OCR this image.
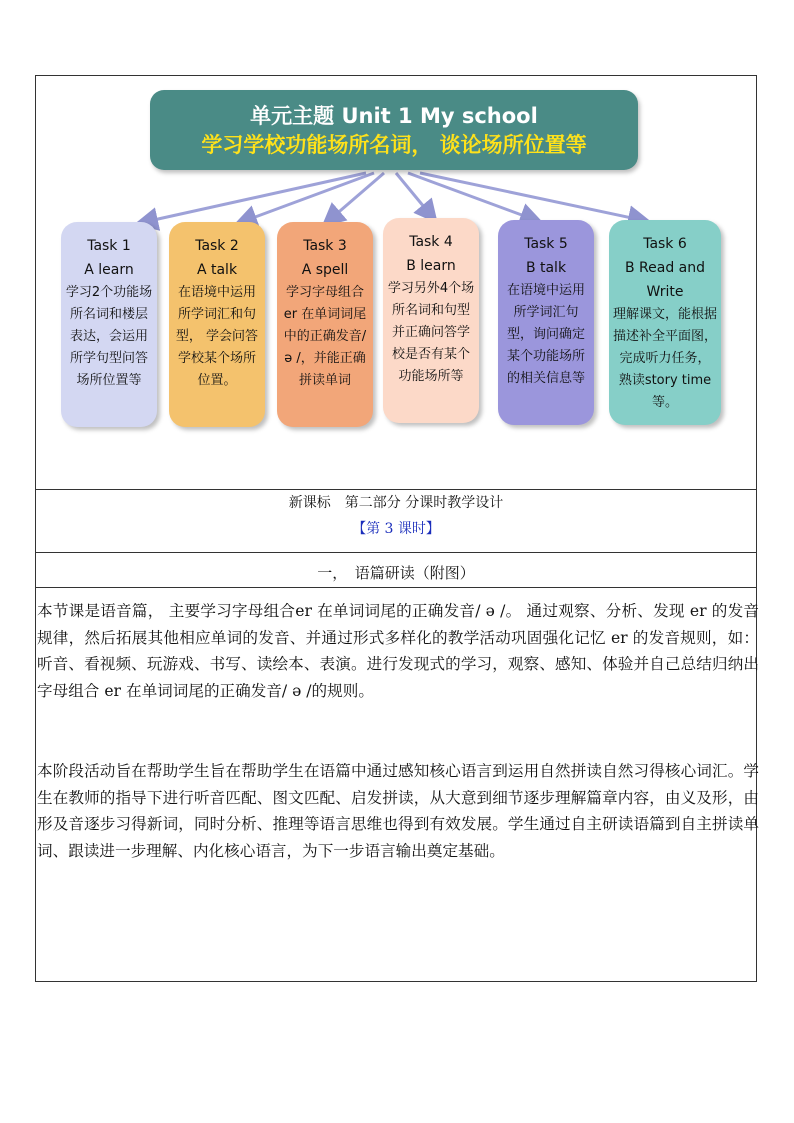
单元主题 Unit 1 My school
学习学校功能场所名词， 谈论场所位置等
Task 1
A learn
学习2个功能场所名词和楼层表达，会运用所学句型问答场所位置等
Task 2
A talk
在语境中运用所学词汇和句型， 学会问答学校某个场所位置。
Task 3
A spell
学习字母组合er 在单词词尾中的正确发音/ ə /，并能正确拼读单词
Task 4
B learn
学习另外4个场所名词和句型并正确问答学校是否有某个功能场所等
Task 5
B talk
在语境中运用所学词汇句型，询问确定某个功能场所的相关信息等
Task 6
B Read and Write
理解课文，能根据描述补全平面图， 完成听力任务， 熟读story time等。
新课标　第二部分 分课时教学设计
【第 3 课时】
一，　语篇研读（附图）
本节课是语音篇， 主要学习字母组合er 在单词词尾的正确发音/ ə /。 通过观察、分析、发现 er 的发音规律，然后拓展其他相应单词的发音、并通过形式多样化的教学活动巩固强化记忆 er 的发音规则，如：听音、看视频、玩游戏、书写、读绘本、表演。进行发现式的学习，观察、感知、体验并自己总结归纳出字母组合 er 在单词词尾的正确发音/ ə /的规则。
本阶段活动旨在帮助学生旨在帮助学生在语篇中通过感知核心语言到运用自然拼读自然习得核心词汇。学生在教师的指导下进行听音匹配、图文匹配、启发拼读，从大意到细节逐步理解篇章内容，由义及形，由形及音逐步习得新词，同时分析、推理等语言思维也得到有效发展。学生通过自主研读语篇到自主拼读单词、跟读进一步理解、内化核心语言，为下一步语言输出奠定基础。
